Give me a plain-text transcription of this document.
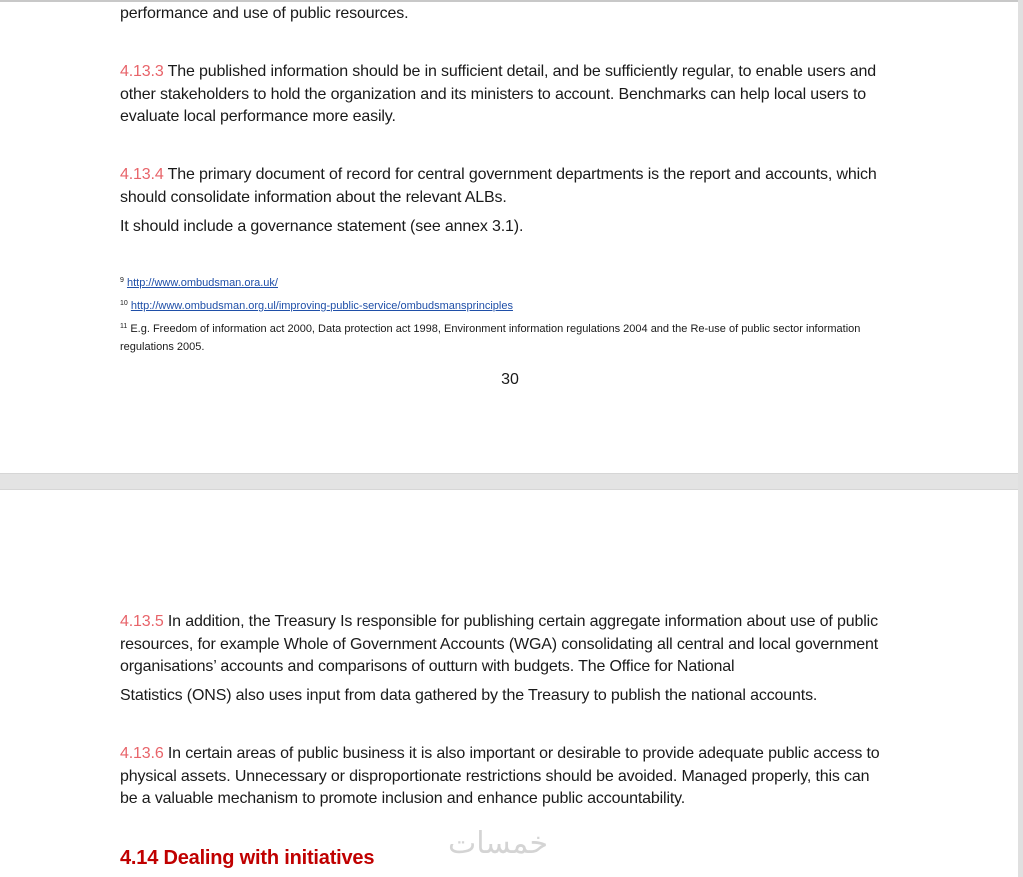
performance and use of public resources.
4.13.3 The published information should be in sufficient detail, and be sufficiently regular, to enable users and other stakeholders to hold the organization and its ministers to account. Benchmarks can help local users to evaluate local performance more easily.
4.13.4 The primary document of record for central government departments is the report and accounts, which should consolidate information about the relevant ALBs.
It should include a governance statement (see annex 3.1).
$^9$ http://www.ombudsman.ora.uk/
$^{10}$ http://www.ombudsman.org.ul/improving-public-service/ombudsmansprinciples
$^{11}$ E.g. Freedom of information act 2000, Data protection act 1998, Environment information regulations 2004 and the Re-use of public sector information regulations 2005.
30
4.13.5 In addition, the Treasury Is responsible for publishing certain aggregate information about use of public resources, for example Whole of Government Accounts (WGA) consolidating all central and local government organisations’ accounts and comparisons of outturn with budgets. The Office for National
Statistics (ONS) also uses input from data gathered by the Treasury to publish the national accounts.
4.13.6 In certain areas of public business it is also important or desirable to provide adequate public access to physical assets. Unnecessary or disproportionate restrictions should be avoided. Managed properly, this can be a valuable mechanism to promote inclusion and enhance public accountability.
4.14 Dealing with initiatives خمسات
